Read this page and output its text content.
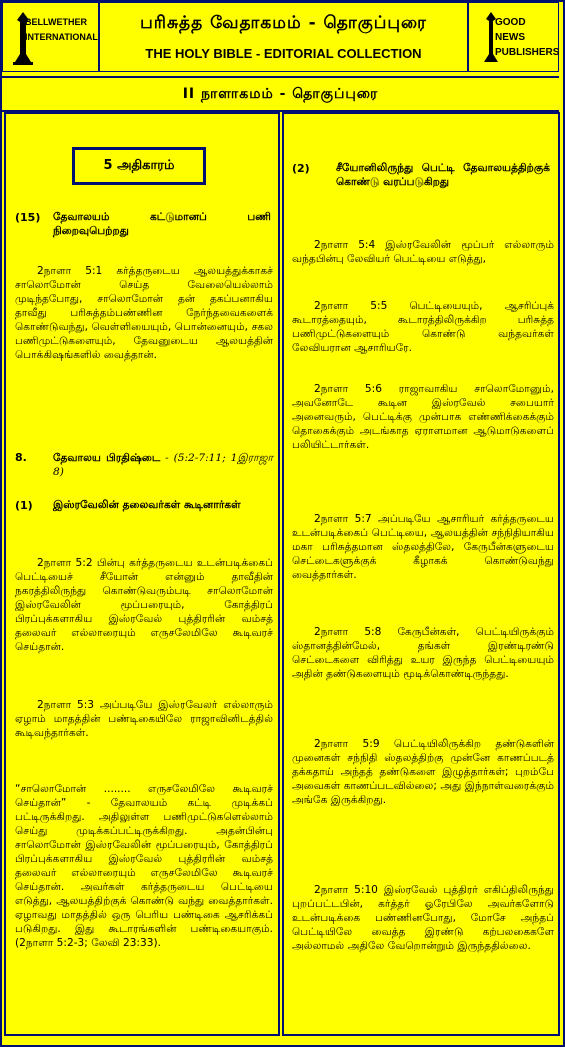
BELLWETHER INTERNATIONAL
பரிசுத்த வேதாகமம் - தொகுப்புரை
THE HOLY BIBLE - EDITORIAL COLLECTION
GOOD NEWS PUBLISHERS
II நாளாகமம் - தொகுப்புரை
5 அதிகாரம்
(15) தேவாலயம் கட்டுமானப் பணி நிறைவுபெற்றது
2நாளா 5:1 கர்த்தருடைய ஆலயத்துக்காகச் சாலொமோன் செய்த வேலையெல்லாம் முடிந்தபோது, சாலொமோன் தன் தகப்பனாகிய தாவீது பரிசுத்தம்பண்ணின நேர்ந்தவைகளைக் கொண்டுவந்து, வெள்ளியையும், பொன்னையும், சகல பணிமுட்டுகளையும், தேவனுடைய ஆலயத்தின் பொக்கிஷங்களில் வைத்தான்.
8. தேவாலய பிரதிஷ்டை - (5:2-7:11; 1இராஜா 8)
(1) இஸ்ரவேலின் தலைவர்கள் கூடினார்கள்
2நாளா 5:2 பின்பு கர்த்தருடைய உடன்படிக்கைப் பெட்டியைச் சீயோன் என்னும் தாவீதின் நகரத்திலிருந்து கொண்டுவரும்படி சாலொமோன் இஸ்ரவேலின் மூப்பரையும், கோத்திரப் பிரப்புக்களாகிய இஸ்ரவேல் புத்திரரின் வம்சத் தலைவர் எல்லாரையும் எருசலேமிலே கூடிவரச் செய்தான்.
2நாளா 5:3 அப்படியே இஸ்ரவேலர் எல்லாரும் ஏழாம் மாதத்தின் பண்டிகையிலே ராஜாவினிடத்தில் கூடிவந்தார்கள்.
“சாலொமோன் ........ எருசலேமிலே கூடிவரச் செய்தான்” - தேவாலயம் கட்டி முடிக்கப் பட்டிருக்கிறது. அதிலுள்ள பணிமுட்டுகளெல்லாம் செய்து முடிக்கப்பட்டிருக்கிறது. அதன்பின்பு சாலொமோன் இஸ்ரவேலின் மூப்பரையும், கோத்திரப் பிரப்புக்களாகிய இஸ்ரவேல் புத்திரரின் வம்சத் தலைவர் எல்லாரையும் எருசலேமிலே கூடிவரச் செய்தான். அவர்கள் கர்த்தருடைய பெட்டியை எடுத்து, ஆலயத்திற்குக் கொண்டு வந்து வைத்தார்கள். ஏழாவது மாதத்தில் ஒரு பெரிய பண்டிகை ஆசரிக்கப் படுகிறது. இது கூடாரங்களின் பண்டிகையாகும். (2நாளா 5:2-3; லேவி 23:33).
(2) சீயோனிலிருந்து பெட்டி தேவாலயத்திற்குக் கொண்டு வரப்படுகிறது
2நாளா 5:4 இஸ்ரவேலின் மூப்பர் எல்லாரும் வந்தபின்பு லேவியர் பெட்டியை எடுத்து,
2நாளா 5:5 பெட்டியையும், ஆசரிப்புக் கூடாரத்தையும், கூடாரத்திலிருக்கிற பரிசுத்த பணிமுட்டுகளையும் கொண்டு வந்தவர்கள் லேவியரான ஆசாரியரே.
2நாளா 5:6 ராஜாவாகிய சாலொமோனும், அவனோடே கூடின இஸ்ரவேல் சபையார் அனைவரும், பெட்டிக்கு முன்பாக எண்ணிக்கைக்கும் தொகைக்கும் அடங்காத ஏராளமான ஆடுமாடுகளைப் பலியிட்டார்கள்.
2நாளா 5:7 அப்படியே ஆசாரியர் கர்த்தருடைய உடன்படிக்கைப் பெட்டியை, ஆலயத்தின் சந்நிதியாகிய மகா பரிசுத்தமான ஸ்தலத்திலே, கேருபீன்களுடைய செட்டைகளுக்குக் கீழாகக் கொண்டுவந்து வைத்தார்கள்.
2நாளா 5:8 கேருபீன்கள், பெட்டியிருக்கும் ஸ்தானத்தின்மேல், தங்கள் இரண்டிரண்டு செட்டைகளை விரித்து உயர இருந்த பெட்டியையும் அதின் தண்டுகளையும் மூடிக்கொண்டிருந்தது.
2நாளா 5:9 பெட்டியிலிருக்கிற தண்டுகளின் முனைகள் சந்நிதி ஸ்தலத்திற்கு முன்னே காணப்படத் தக்கதாய் அந்தத் தண்டுகளை இழுத்தார்கள்; புறம்பே அவைகள் காணப்படவில்லை; அது இந்நாள்வரைக்கும் அங்கே இருக்கிறது.
2நாளா 5:10 இஸ்ரவேல் புத்திரர் எகிப்திலிருந்து புறப்பட்டபின், கர்த்தர் ஓரேபிலே அவர்களோடு உடன்படிக்கை பண்ணினபோது, மோசே அந்தப் பெட்டியிலே வைத்த இரண்டு கற்பலகைகளே அல்லாமல் அதிலே வேறொன்றும் இருந்ததில்லை.
